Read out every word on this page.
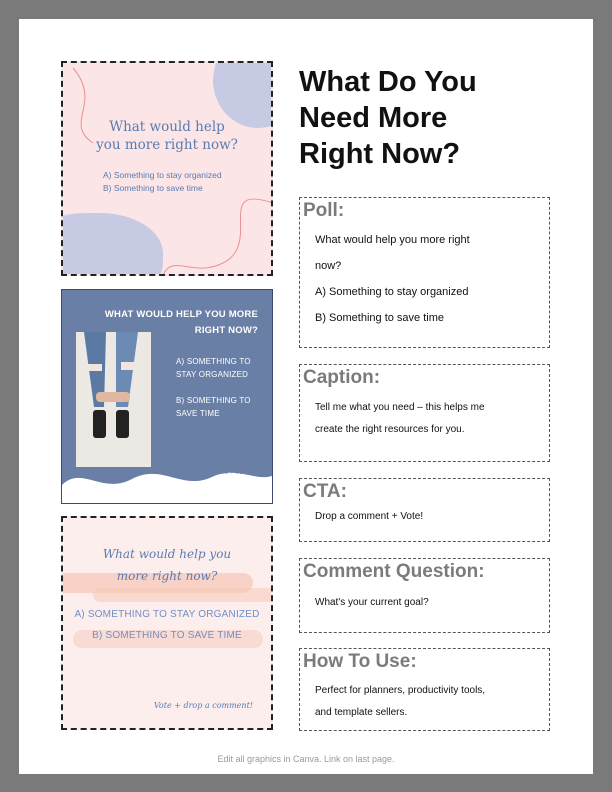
What would help
you more right now?
A) Something to stay organized
B) Something to save time
WHAT WOULD HELP YOU MORE
RIGHT NOW?
A) SOMETHING TO
STAY ORGANIZED
B) SOMETHING TO
SAVE TIME
Drop a comment + Vote!
What would help you
more right now?
A) SOMETHING TO STAY ORGANIZED
B) SOMETHING TO SAVE TIME
Vote + drop a comment!
What Do You
Need More
Right Now?
Poll:
What would help you more right
now?
A) Something to stay organized
B) Something to save time
Caption:
Tell me what you need – this helps me
create the right resources for you.
CTA:
Drop a comment + Vote!
Comment Question:
What's your current goal?
How To Use:
Perfect for planners, productivity tools,
and template sellers.
Edit all graphics in Canva. Link on last page.
